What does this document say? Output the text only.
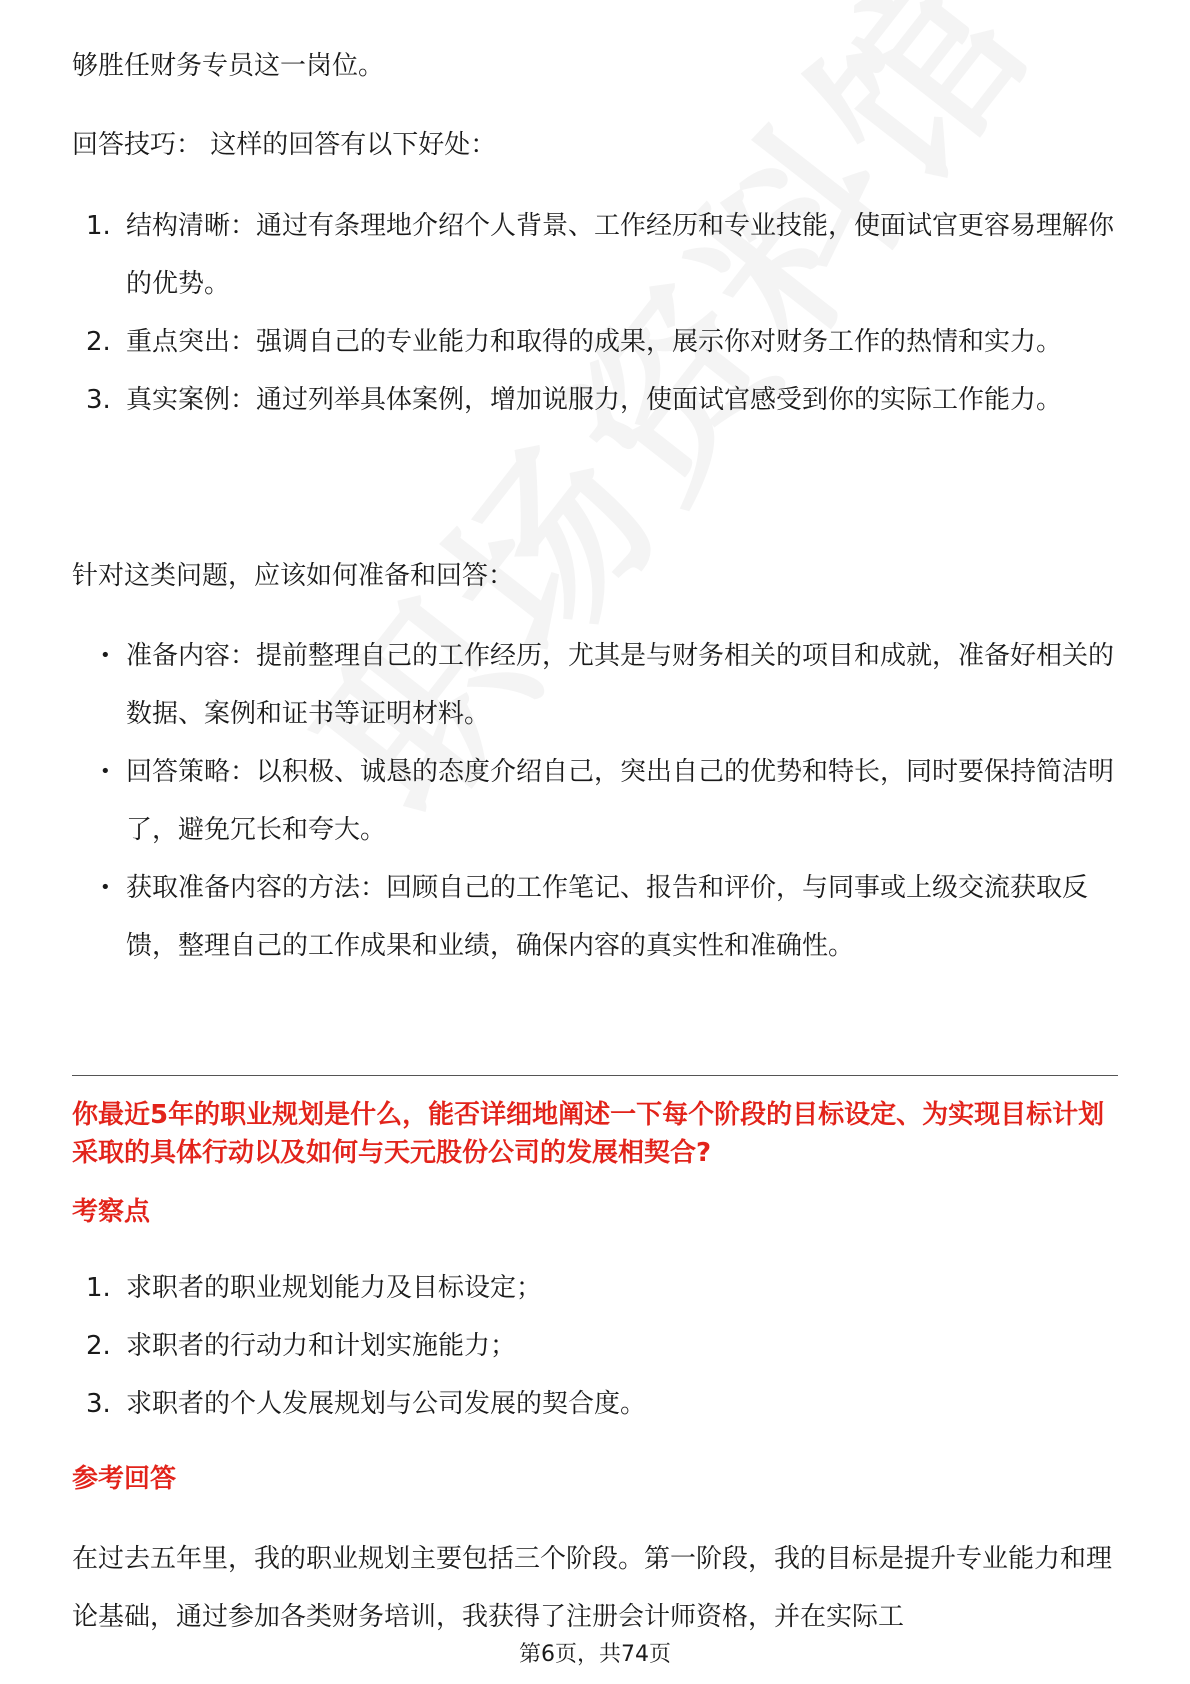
够胜任财务专员这一岗位。

回答技巧： 这样的回答有以下好处：

1. 结构清晰：通过有条理地介绍个人背景、工作经历和专业技能，使面试官更容易理解你的优势。
2. 重点突出：强调自己的专业能力和取得的成果，展示你对财务工作的热情和实力。
3. 真实案例：通过列举具体案例，增加说服力，使面试官感受到你的实际工作能力。

针对这类问题，应该如何准备和回答：

• 准备内容：提前整理自己的工作经历，尤其是与财务相关的项目和成就，准备好相关的数据、案例和证书等证明材料。
• 回答策略：以积极、诚恳的态度介绍自己，突出自己的优势和特长，同时要保持简洁明了，避免冗长和夸大。
• 获取准备内容的方法：回顾自己的工作笔记、报告和评价，与同事或上级交流获取反馈，整理自己的工作成果和业绩，确保内容的真实性和准确性。

你最近5年的职业规划是什么，能否详细地阐述一下每个阶段的目标设定、为实现目标计划采取的具体行动以及如何与天元股份公司的发展相契合?

考察点

1. 求职者的职业规划能力及目标设定；
2. 求职者的行动力和计划实施能力；
3. 求职者的个人发展规划与公司发展的契合度。

参考回答

在过去五年里，我的职业规划主要包括三个阶段。第一阶段，我的目标是提升专业能力和理论基础，通过参加各类财务培训，我获得了注册会计师资格，并在实际工

第6页，共74页
